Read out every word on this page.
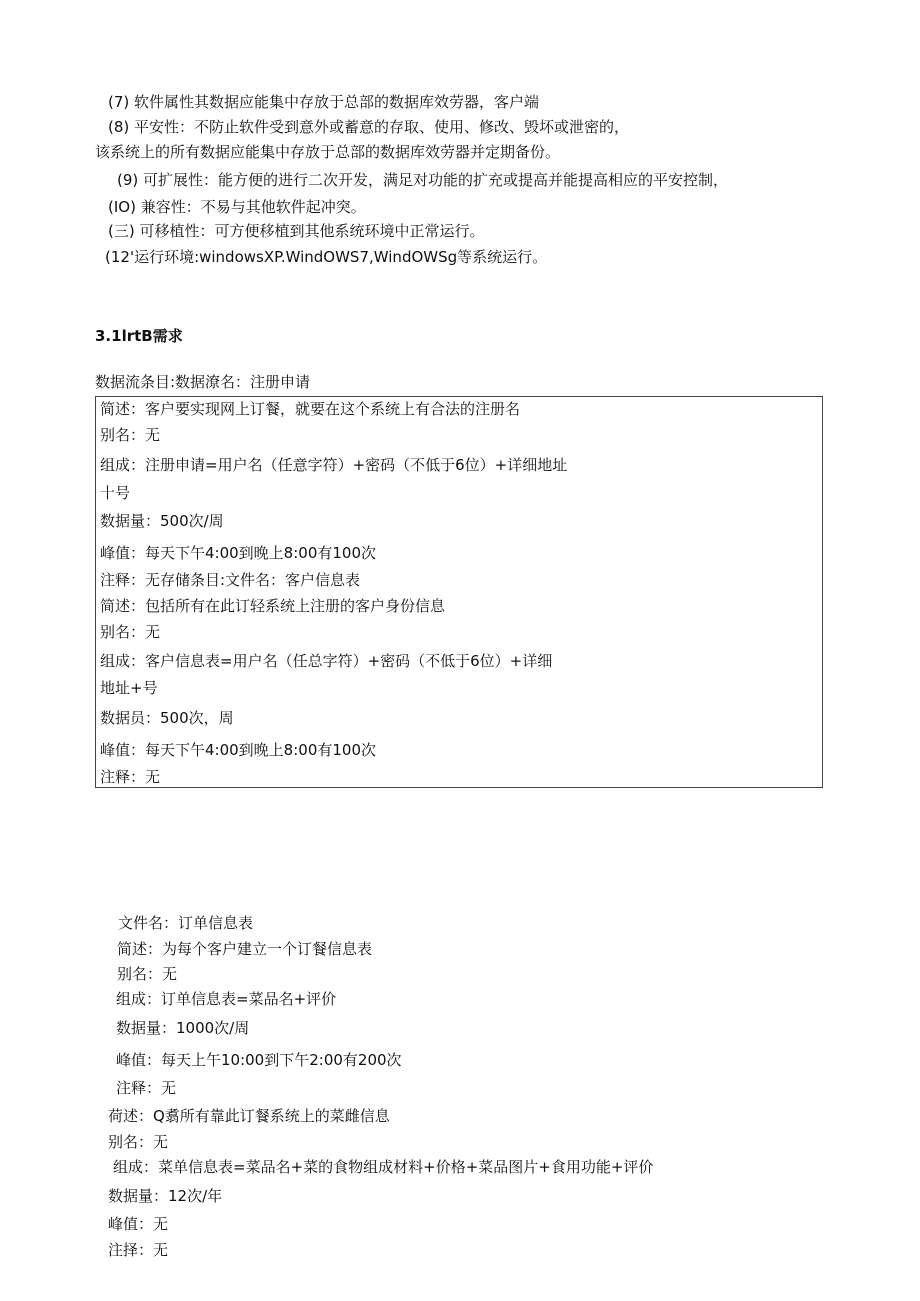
(7) 软件属性其数据应能集中存放于总部的数据库效劳器，客户端
(8) 平安性：不防止软件受到意外或蓄意的存取、使用、修改、毁坏或泄密的，
该系统上的所有数据应能集中存放于总部的数据库效劳器并定期备份。
(9) 可扩展性：能方便的进行二次开发，满足对功能的扩充或提高并能提高相应的平安控制，
(IO) 兼容性：不易与其他软件起冲突。
(三) 可移植性：可方便移植到其他系统环境中正常运行。
(12'运行环境:windowsXP.WindOWS7,WindOWSg等系统运行。
3.1lrtB需求
数据流条目:数据潦名：注册申请
简述：客户要实现网上订餐，就要在这个系统上有合法的注册名
别名：无
组成：注册申请=用户名（任意字符）+密码（不低于6位）+详细地址
十号
数据量：500次/周
峰值：每天下午4:00到晚上8:00有100次
注释：无存储条目:文件名：客户信息表
简述：包括所有在此订轻系统上注册的客户身份信息
别名：无
组成：客户信息表=用户名（任总字符）+密码（不低于6位）+详细
地址+号
数据员：500次，周
峰值：每天下午4:00到晚上8:00有100次
注释：无
文件名：订单信息表
简述：为每个客户建立一个订餐信息表
别名：无
组成：订单信息表=菜品名+评价
数据量：1000次/周
峰值：每天上午10:00到下午2:00有200次
注释：无
荷述：Q翥所有靠此订餐系统上的菜雌信息
别名：无
组成：菜单信息表=菜品名+菜的食物组成材料+价格+菜品图片+食用功能+评价
数据量：12次/年
峰值：无
注择：无
